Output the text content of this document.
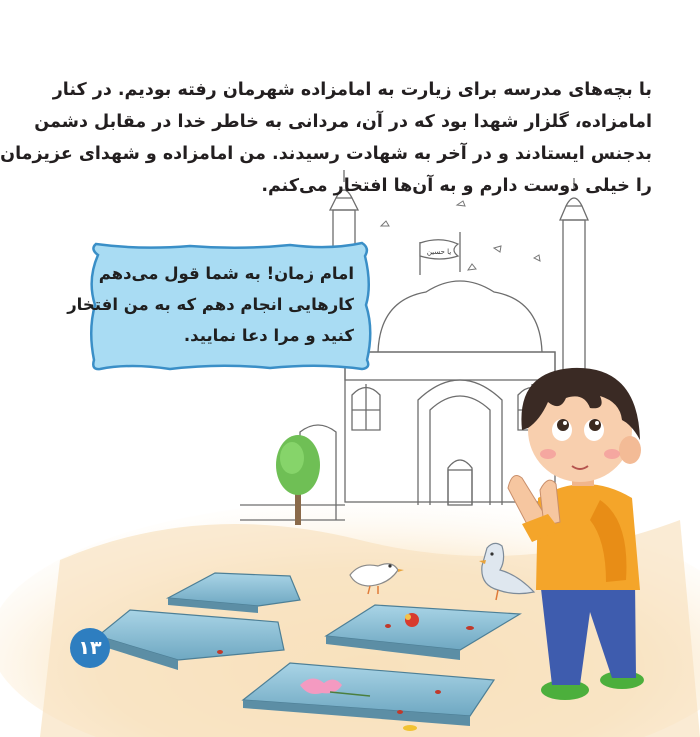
یا حسین

با بچه‌های مدرسه برای زیارت به امامزاده شهرمان رفته بودیم. در کنار
امامزاده، گلزار شهدا بود که در آن، مردانی به خاطر خدا در مقابل دشمن
بدجنس ایستادند و در آخر به شهادت رسیدند. من امامزاده و شهدای عزیزمان
را خیلی دوست دارم و به آن‌ها افتخار می‌کنم.

امام زمان! به شما قول می‌دهم
کارهایی انجام دهم که به من افتخار
کنید و مرا دعا نمایید.

۱۳
